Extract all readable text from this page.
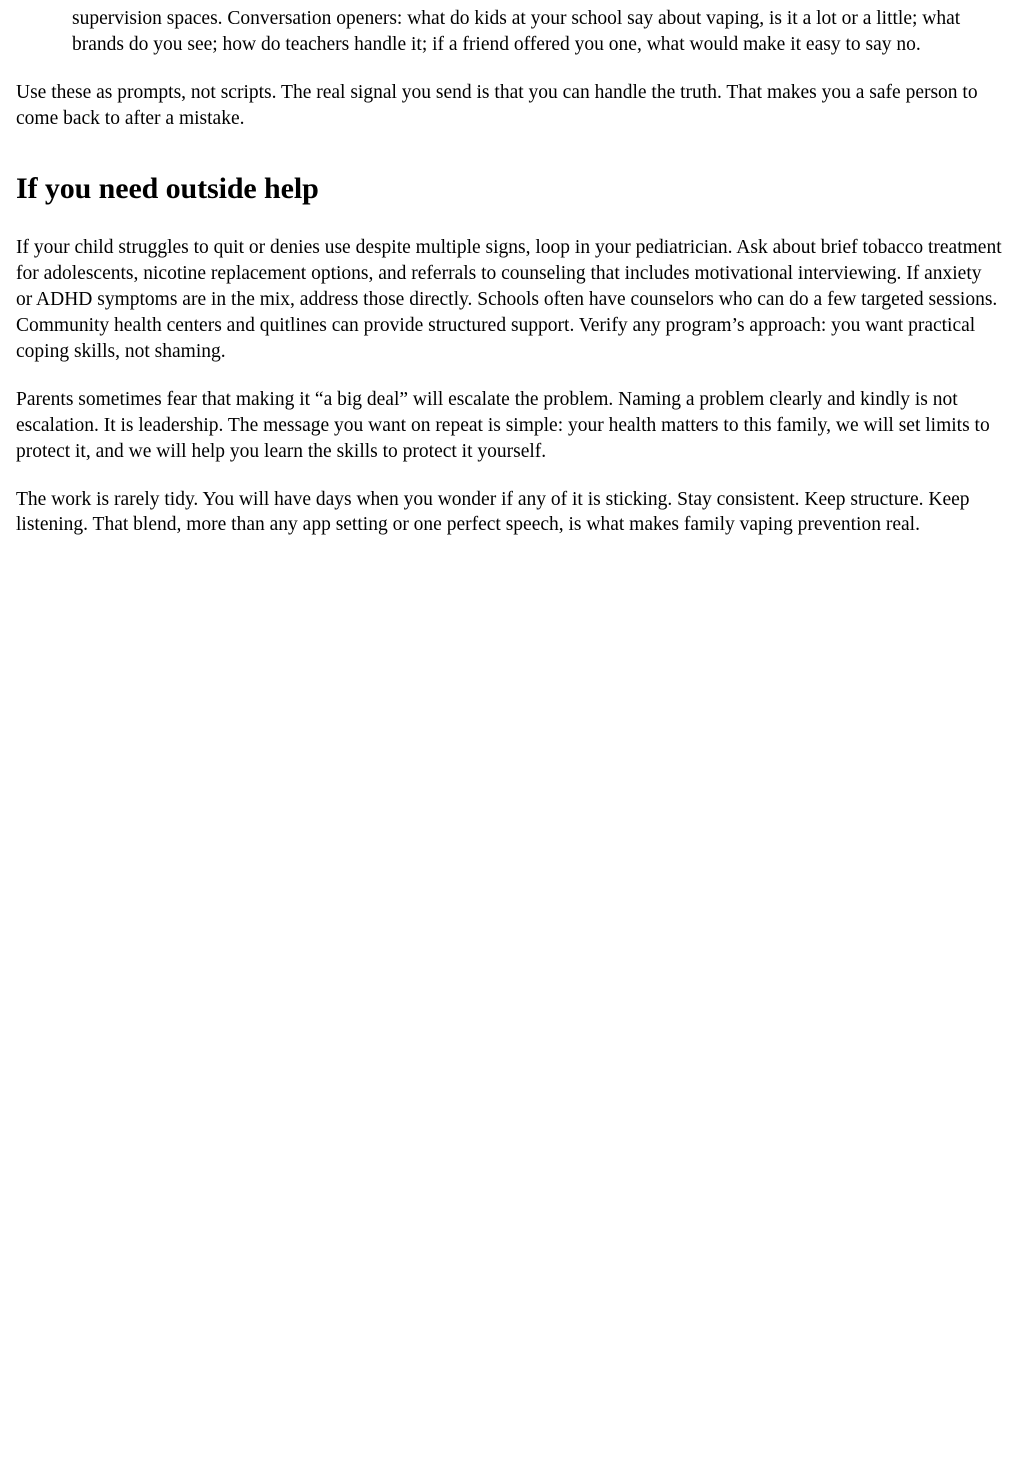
supervision spaces. Conversation openers: what do kids at your school say about vaping, is it a lot or a little; what brands do you see; how do teachers handle it; if a friend offered you one, what would make it easy to say no.

Use these as prompts, not scripts. The real signal you send is that you can handle the truth. That makes you a safe person to come back to after a mistake.

If you need outside help

If your child struggles to quit or denies use despite multiple signs, loop in your pediatrician. Ask about brief tobacco treatment for adolescents, nicotine replacement options, and referrals to counseling that includes motivational interviewing. If anxiety or ADHD symptoms are in the mix, address those directly. Schools often have counselors who can do a few targeted sessions. Community health centers and quitlines can provide structured support. Verify any program’s approach: you want practical coping skills, not shaming.

Parents sometimes fear that making it “a big deal” will escalate the problem. Naming a problem clearly and kindly is not escalation. It is leadership. The message you want on repeat is simple: your health matters to this family, we will set limits to protect it, and we will help you learn the skills to protect it yourself.

The work is rarely tidy. You will have days when you wonder if any of it is sticking. Stay consistent. Keep structure. Keep listening. That blend, more than any app setting or one perfect speech, is what makes family vaping prevention real.
